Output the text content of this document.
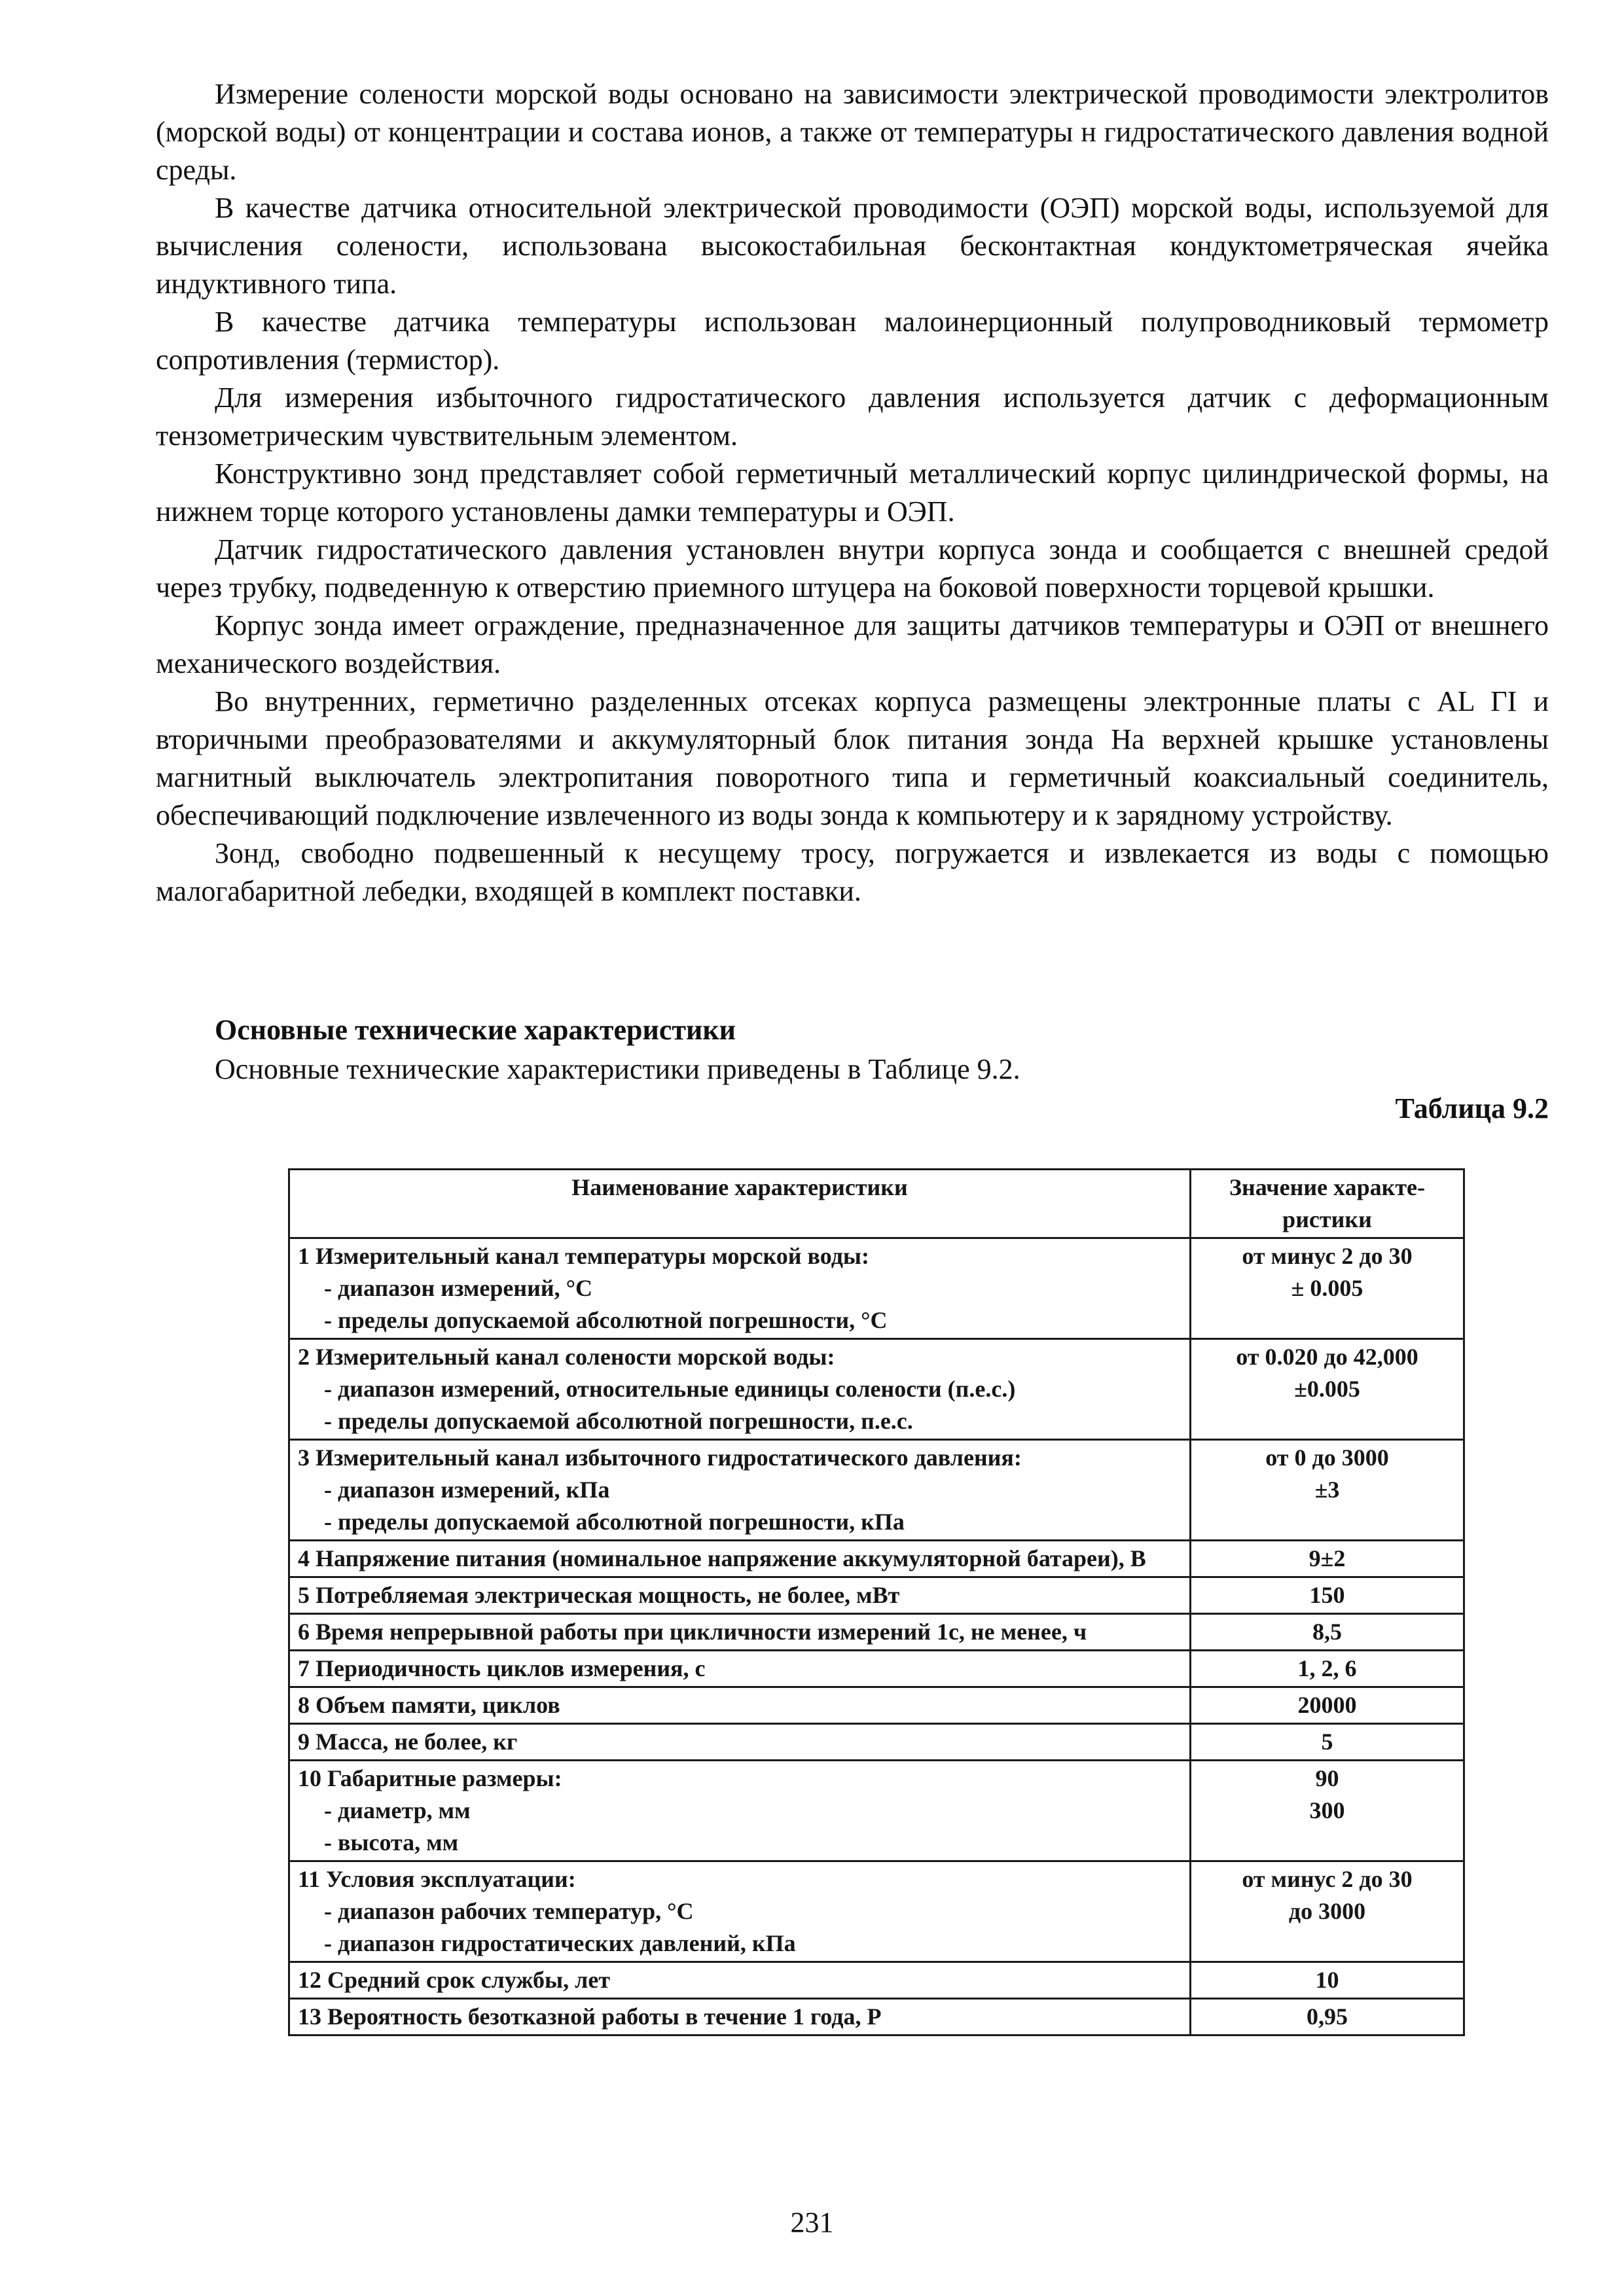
Измерение солености морской воды основано на зависимости электрической проводимости электролитов (морской воды) от концентрации и состава ионов, а также от температуры н гидростатического давления водной среды.

В качестве датчика относительной электрической проводимости (ОЭП) морской воды, используемой для вычисления солености, использована высокостабильная бесконтактная кондуктометряческая ячейка индуктивного типа.

В качестве датчика температуры использован малоинерционный полупроводниковый термометр сопротивления (термистор).

Для измерения избыточного гидростатического давления используется датчик с деформационным тензометрическим чувствительным элементом.

Конструктивно зонд представляет собой герметичный металлический корпус цилиндрической формы, на нижнем торце которого установлены дамки температуры и ОЭП.

Датчик гидростатического давления установлен внутри корпуса зонда и сообщается с внешней средой через трубку, подведенную к отверстию приемного штуцера на боковой поверхности торцевой крышки.

Корпус зонда имеет ограждение, предназначенное для защиты датчиков температуры и ОЭП от внешнего механического воздействия.

Во внутренних, герметично разделенных отсеках корпуса размещены электронные платы с AL ГI и вторичными преобразователями и аккумуляторный блок питания зонда На верхней крышке установлены магнитный выключатель электропитания поворотного типа и герметичный коаксиальный соединитель, обеспечивающий подключение извлеченного из воды зонда к компьютеру и к зарядному устройству.

Зонд, свободно подвешенный к несущему тросу, погружается и извлекается из воды с помощью малогабаритной лебедки, входящей в комплект поставки.

Основные технические характеристики
Основные технические характеристики приведены в Таблице 9.2.
Таблица 9.2
Наименование характеристики	Значение характе-
ристики

1 Измерительный канал температуры морской воды:
- диапазон измерений, °С
- пределы допускаемой абсолютной погрешности, °С	от минус 2 до 30
± 0.005

2 Измерительный канал солености морской воды:
- диапазон измерений, относительные единицы солености (п.е.с.)
- пределы допускаемой абсолютной погрешности, п.е.с.	от 0.020 до 42,000
±0.005

3 Измерительный канал избыточного гидростатического давления:
- диапазон измерений, кПа
- пределы допускаемой абсолютной погрешности, кПа	от 0 до 3000
±3

4 Напряжение питания (номинальное напряжение аккумуляторной батареи), В	9±2

5 Потребляемая электрическая мощность, не более, мВт	150

6 Время непрерывной работы при цикличности измерений 1с, не менее, ч	8,5

7 Периодичность циклов измерения, с	1, 2, 6

8 Объем памяти, циклов	20000

9 Масса, не более, кг	5

10 Габаритные размеры:
- диаметр, мм
- высота, мм	90
300

11 Условия эксплуатации:
- диапазон рабочих температур, °С
- диапазон гидростатических давлений, кПа	от минус 2 до 30
до 3000

12 Средний срок службы, лет	10

13 Вероятность безотказной работы в течение 1 года, Р	0,95
231
